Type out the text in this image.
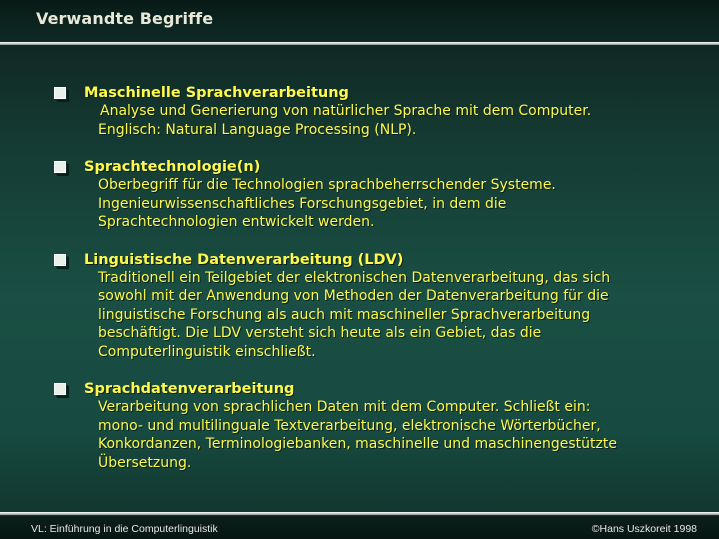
Verwandte Begriffe
Maschinelle Sprachverarbeitung
Analyse und Generierung von natürlicher Sprache mit dem Computer.
Englisch: Natural Language Processing (NLP).
Sprachtechnologie(n)
Oberbegriff für die Technologien sprachbeherrschender Systeme.
Ingenieurwissenschaftliches Forschungsgebiet, in dem die
Sprachtechnologien entwickelt werden.
Linguistische Datenverarbeitung (LDV)
Traditionell ein Teilgebiet der elektronischen Datenverarbeitung, das sich
sowohl mit der Anwendung von Methoden der Datenverarbeitung für die
linguistische Forschung als auch mit maschineller Sprachverarbeitung
beschäftigt. Die LDV versteht sich heute als ein Gebiet, das die
Computerlinguistik einschließt.
Sprachdatenverarbeitung
Verarbeitung von sprachlichen Daten mit dem Computer. Schließt ein:
mono- und multilinguale Textverarbeitung, elektronische Wörterbücher,
Konkordanzen, Terminologiebanken, maschinelle und maschinengestützte
Übersetzung.
VL: Einführung in die Computerlinguistik	©Hans Uszkoreit 1998
